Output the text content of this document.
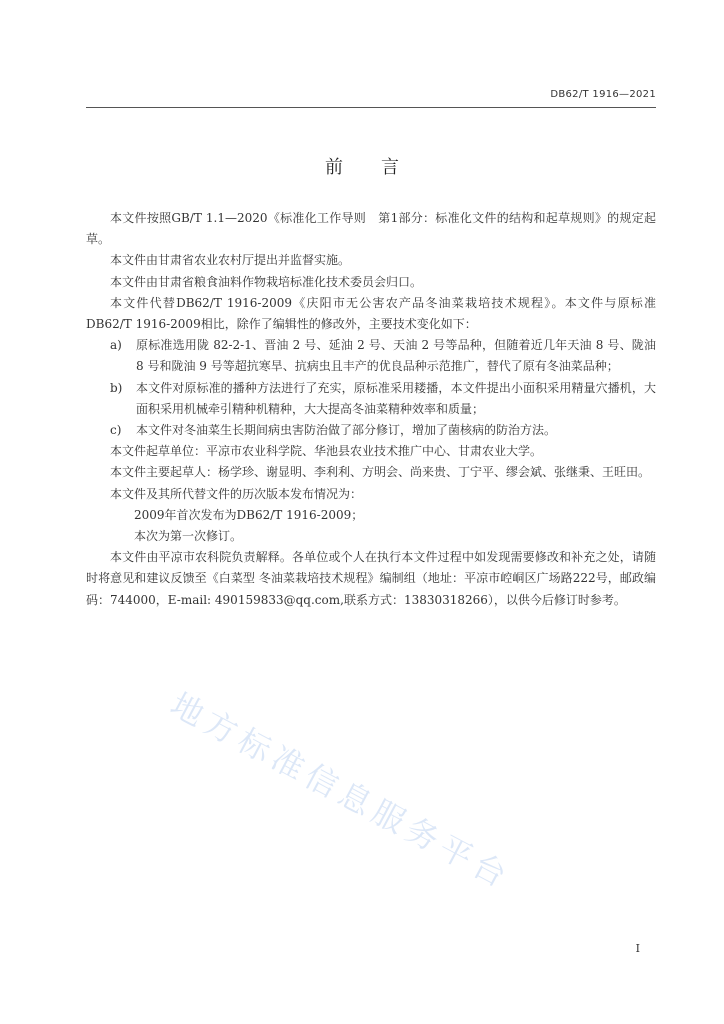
DB62/T 1916—2021
前言

本文件按照GB/T 1.1—2020《标准化工作导则　第1部分：标准化文件的结构和起草规则》的规定起草。

本文件由甘肃省农业农村厅提出并监督实施。

本文件由甘肃省粮食油料作物栽培标准化技术委员会归口。

本文件代替DB62/T 1916-2009《庆阳市无公害农产品冬油菜栽培技术规程》。本文件与原标准DB62/T 1916-2009相比，除作了编辑性的修改外，主要技术变化如下：

a)	原标准选用陇 82-2-1、晋油 2 号、延油 2 号、天油 2 号等品种，但随着近几年天油 8 号、陇油 8 号和陇油 9 号等超抗寒旱、抗病虫且丰产的优良品种示范推广，替代了原有冬油菜品种；
b)	本文件对原标准的播种方法进行了充实，原标准采用耧播，本文件提出小面积采用精量穴播机，大面积采用机械牵引精种机精种，大大提高冬油菜精种效率和质量；
c)	本文件对冬油菜生长期间病虫害防治做了部分修订，增加了菌核病的防治方法。

本文件起草单位：平凉市农业科学院、华池县农业技术推广中心、甘肃农业大学。

本文件主要起草人：杨学珍、谢显明、李利利、方明会、尚来贵、丁宁平、缪会斌、张继秉、王旺田。

本文件及其所代替文件的历次版本发布情况为：

2009年首次发布为DB62/T 1916-2009；

本次为第一次修订。

本文件由平凉市农科院负责解释。各单位或个人在执行本文件过程中如发现需要修改和补充之处，请随时将意见和建议反馈至《白菜型 冬油菜栽培技术规程》编制组（地址：平凉市崆峒区广场路222号，邮政编码：744000，E-mail: 490159833@qq.com,联系方式：13830318266），以供今后修订时参考。

地方标准信息服务平台
I
